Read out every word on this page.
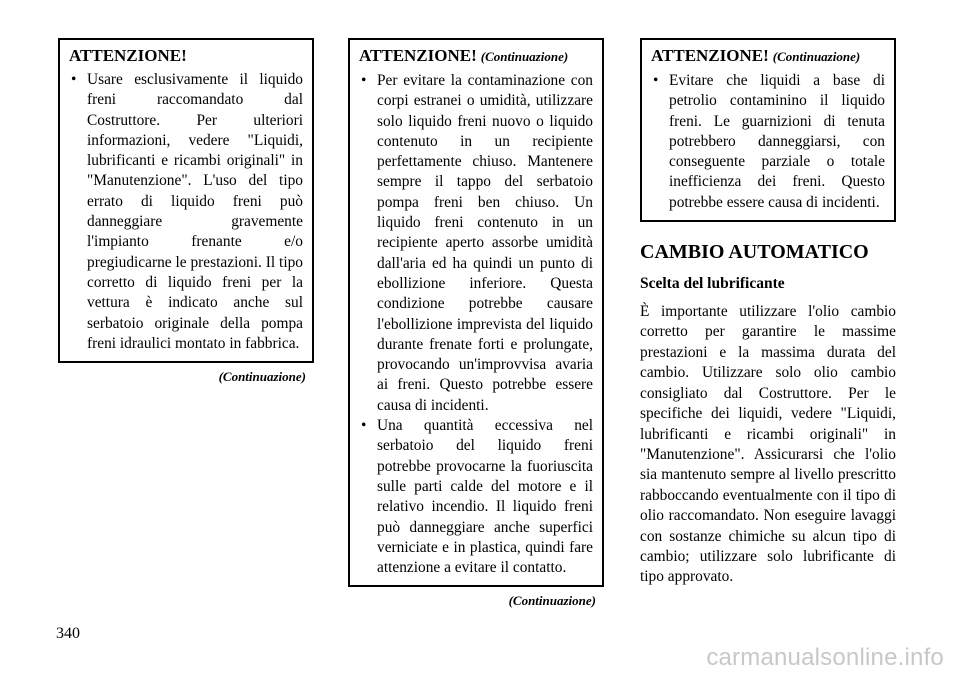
ATTENZIONE!
• Usare esclusivamente il liquido freni raccomandato dal Costruttore. Per ulteriori informazioni, vedere "Liquidi, lubrificanti e ricambi originali" in "Manutenzione". L'uso del tipo errato di liquido freni può danneggiare gravemente l'impianto frenante e/o pregiudicarne le prestazioni. Il tipo corretto di liquido freni per la vettura è indicato anche sul serbatoio originale della pompa freni idraulici montato in fabbrica.
(Continuazione)
ATTENZIONE! (Continuazione)
• Per evitare la contaminazione con corpi estranei o umidità, utilizzare solo liquido freni nuovo o liquido contenuto in un recipiente perfettamente chiuso. Mantenere sempre il tappo del serbatoio pompa freni ben chiuso. Un liquido freni contenuto in un recipiente aperto assorbe umidità dall'aria ed ha quindi un punto di ebollizione inferiore. Questa condizione potrebbe causare l'ebollizione imprevista del liquido durante frenate forti e prolungate, provocando un'improvvisa avaria ai freni. Questo potrebbe essere causa di incidenti.
• Una quantità eccessiva nel serbatoio del liquido freni potrebbe provocarne la fuoriuscita sulle parti calde del motore e il relativo incendio. Il liquido freni può danneggiare anche superfici verniciate e in plastica, quindi fare attenzione a evitare il contatto.
(Continuazione)
ATTENZIONE! (Continuazione)
• Evitare che liquidi a base di petrolio contaminino il liquido freni. Le guarnizioni di tenuta potrebbero danneggiarsi, con conseguente parziale o totale inefficienza dei freni. Questo potrebbe essere causa di incidenti.
CAMBIO AUTOMATICO
Scelta del lubrificante

È importante utilizzare l'olio cambio corretto per garantire le massime prestazioni e la massima durata del cambio. Utilizzare solo olio cambio consigliato dal Costruttore. Per le specifiche dei liquidi, vedere "Liquidi, lubrificanti e ricambi originali" in "Manutenzione". Assicurarsi che l'olio sia mantenuto sempre al livello prescritto rabboccando eventualmente con il tipo di olio raccomandato. Non eseguire lavaggi con sostanze chimiche su alcun tipo di cambio; utilizzare solo lubrificante di tipo approvato.

340
carmanualsonline.info
